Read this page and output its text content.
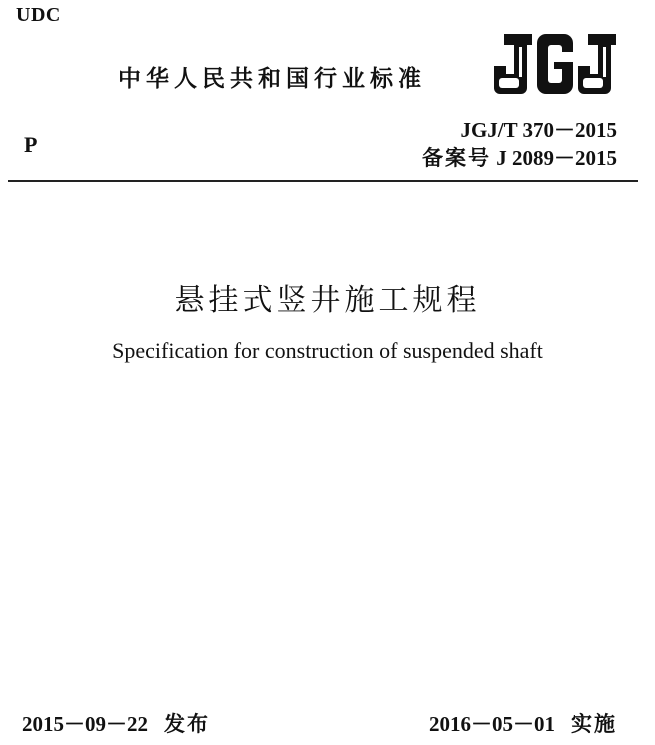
UDC
中华人民共和国行业标准
P
JGJ/T 370－2015
备案号 J 2089－2015
悬挂式竖井施工规程
Specification for construction of suspended shaft
2015－09－22 发布	2016－05－01 实施
